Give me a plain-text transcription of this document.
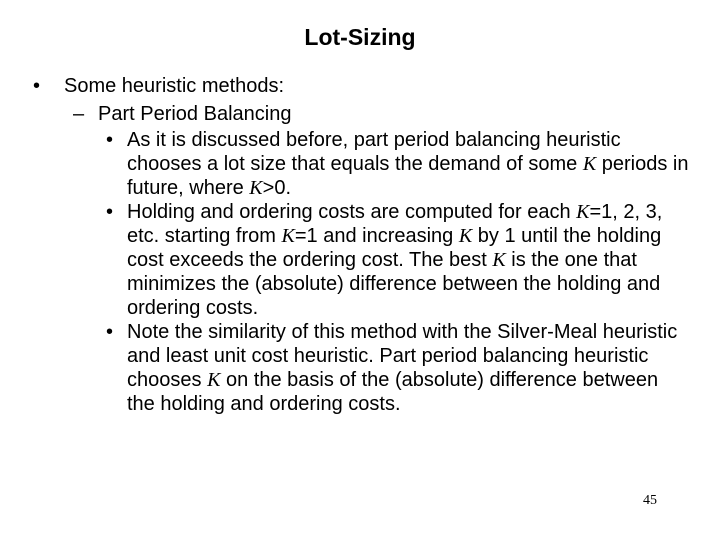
Lot-Sizing
• Some heuristic methods:
– Part Period Balancing
• As it is discussed before, part period balancing heuristic chooses a lot size that equals the demand of some K periods in future, where K>0.
• Holding and ordering costs are computed for each K=1, 2, 3, etc. starting from K=1 and increasing K by 1 until the holding cost exceeds the ordering cost. The best K is the one that minimizes the (absolute) difference between the holding and ordering costs.
• Note the similarity of this method with the Silver-Meal heuristic and least unit cost heuristic. Part period balancing heuristic chooses K on the basis of the (absolute) difference between the holding and ordering costs.
45
